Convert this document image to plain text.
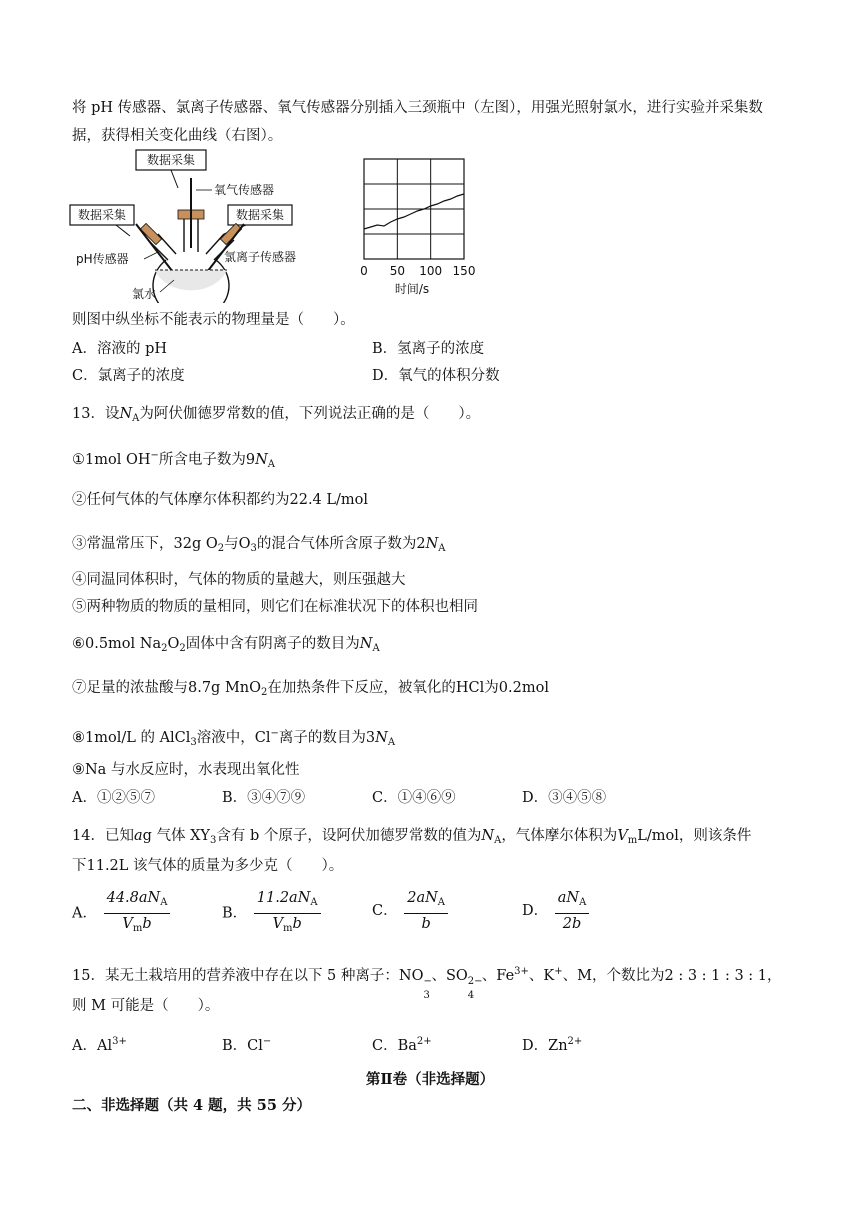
将 pH 传感器、氯离子传感器、氧气传感器分别插入三颈瓶中（左图），用强光照射氯水，进行实验并采集数
据，获得相关变化曲线（右图）。
数据采集
数据采集	数据采集
氧气传感器
pH传感器	氯离子传感器
氯水
0 50 100 150
时间/s
则图中纵坐标不能表示的物理量是（　　）。
A．溶液的 pH	B．氢离子的浓度
C．氯离子的浓度	D．氧气的体积分数
13．设$N_A$为阿伏伽德罗常数的值，下列说法正确的是（　　）。
①1mol OH−所含电子数为$9N_A$
②任何气体的气体摩尔体积都约为22.4 L/mol
③常温常压下，32g $O_2$与$O_3$的混合气体所含原子数为$2N_A$
④同温同体积时，气体的物质的量越大，则压强越大
⑤两种物质的物质的量相同，则它们在标准状况下的体积也相同
⑥0.5mol $Na_2O_2$固体中含有阴离子的数目为$N_A$
⑦足量的浓盐酸与8.7g MnO$_2$在加热条件下反应，被氧化的HCl为0.2mol
⑧1mol/L 的 AlCl$_3$溶液中，Cl−离子的数目为$3N_A$
⑨Na 与水反应时，水表现出氧化性
A．①②⑤⑦	B．③④⑦⑨	C．①④⑥⑨	D．③④⑤⑧
14．已知ag 气体 $XY_3$含有 b 个原子，设阿伏加德罗常数的值为$N_A$，气体摩尔体积为$V_mL$/mol，则该条件
下11.2L 该气体的质量为多少克（　　）。
A． $\frac{44.8aN_A}{V_mb}$	B． $\frac{11.2aN_A}{V_mb}$	C． $\frac{2aN_A}{b}$	D． $\frac{aN_A}{2b}$
15．某无土栽培用的营养液中存在以下 5 种离子：NO −
3
、SO 2−
4
、$Fe^{3+}$、K+、M，个数比为2 : 3 : 1 : 3 : 1，
则 M 可能是（　　）。
A．$Al^{3+}$	B．Cl−	C．$Ba^{2+}$	D．$Zn^{2+}$
第Ⅱ卷（非选择题）
二、非选择题（共 4 题，共 55 分）
